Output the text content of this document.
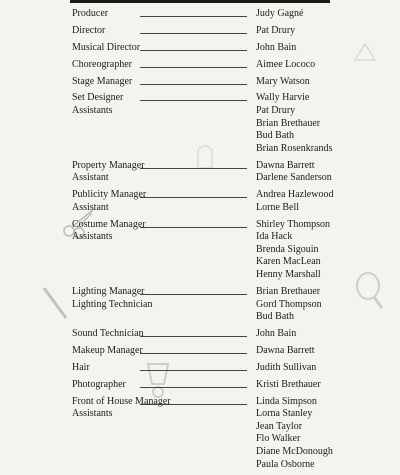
Producer	Judy Gagné
Director	Pat Drury
Musical Director	John Bain
Choreographer	Aimee Lococo
Stage Manager	Mary Watson
Set Designer	Wally Harvie
Assistants	Pat Drury
Brian Brethauer
Bud Bath
Brian Rosenkrands
Property Manager	Dawna Barrett
Assistant	Darlene Sanderson
Publicity Manager	Andrea Hazlewood
Assistant	Lorne Bell
Costume Manager	Shirley Thompson
Assistants	Ida Hack
Brenda Sigouin
Karen MacLean
Henny Marshall
Lighting Manager	Brian Brethauer
Lighting Technician	Gord Thompson
Bud Bath
Sound Technician	John Bain
Makeup Manager	Dawna Barrett
Hair	Judith Sullivan
Photographer	Kristi Brethauer
Front of House Manager	Linda Simpson
Assistants	Lorna Stanley
Jean Taylor
Flo Walker
Diane McDonough
Paula Osborne
